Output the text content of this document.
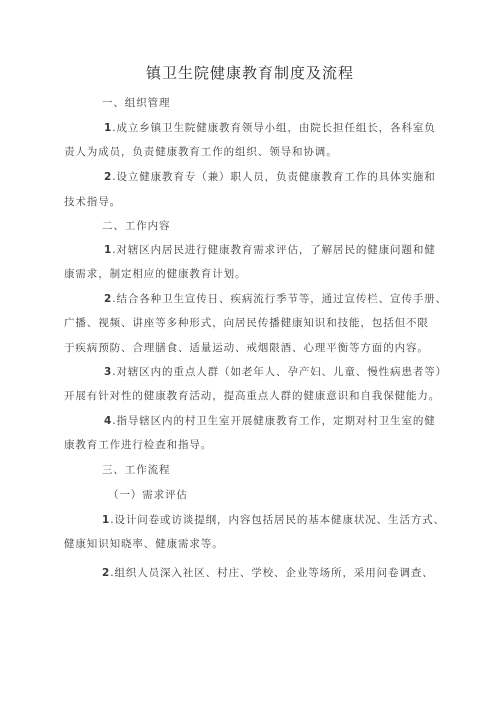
镇卫生院健康教育制度及流程
一、组织管理
1.成立乡镇卫生院健康教育领导小组，由院长担任组长，各科室负
责人为成员，负责健康教育工作的组织、领导和协调。
2.设立健康教育专（兼）职人员，负责健康教育工作的具体实施和
技术指导。
二、工作内容
1.对辖区内居民进行健康教育需求评估，了解居民的健康问题和健
康需求，制定相应的健康教育计划。
2.结合各种卫生宣传日、疾病流行季节等，通过宣传栏、宣传手册、
广播、视频、讲座等多种形式，向居民传播健康知识和技能，包括但不限
于疾病预防、合理膳食、适量运动、戒烟限酒、心理平衡等方面的内容。
3.对辖区内的重点人群（如老年人、孕产妇、儿童、慢性病患者等）
开展有针对性的健康教育活动，提高重点人群的健康意识和自我保健能力。
4.指导辖区内的村卫生室开展健康教育工作，定期对村卫生室的健
康教育工作进行检查和指导。
三、工作流程
（一）需求评估
1.设计问卷或访谈提纲，内容包括居民的基本健康状况、生活方式、
健康知识知晓率、健康需求等。
2.组织人员深入社区、村庄、学校、企业等场所，采用问卷调查、
